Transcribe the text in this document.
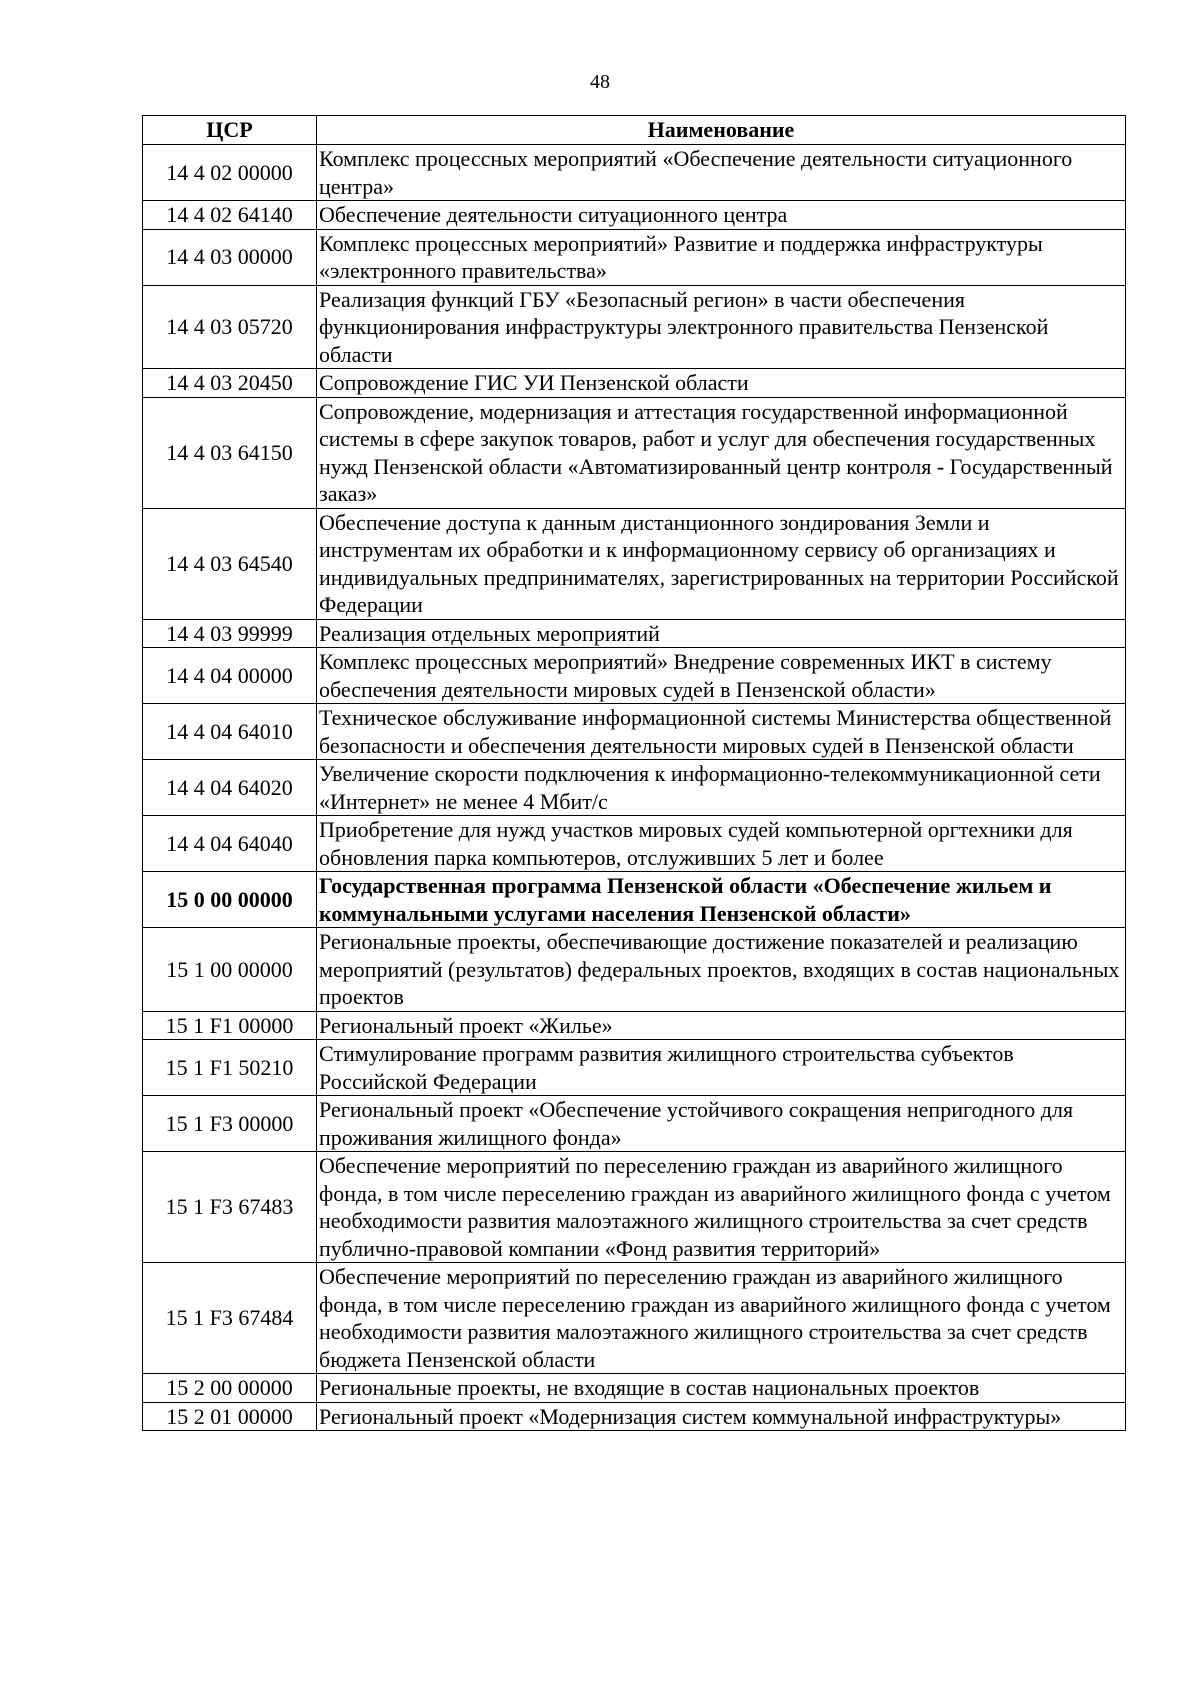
48
ЦСР	Наименование
14 4 02 00000	Комплекс процессных мероприятий «Обеспечение деятельности ситуационного центра»
14 4 02 64140	Обеспечение деятельности ситуационного центра
14 4 03 00000	Комплекс процессных мероприятий» Развитие и поддержка инфраструктуры «электронного правительства»
14 4 03 05720	Реализация функций ГБУ «Безопасный регион» в части обеспечения функционирования инфраструктуры электронного правительства Пензенской области
14 4 03 20450	Сопровождение ГИС УИ Пензенской области
14 4 03 64150	Сопровождение, модернизация и аттестация государственной информационной системы в сфере закупок товаров, работ и услуг для обеспечения государственных нужд Пензенской области «Автоматизированный центр контроля - Государственный заказ»
14 4 03 64540	Обеспечение доступа к данным дистанционного зондирования Земли и инструментам их обработки и к информационному сервису об организациях и индивидуальных предпринимателях, зарегистрированных на территории Российской Федерации
14 4 03 99999	Реализация отдельных мероприятий
14 4 04 00000	Комплекс процессных мероприятий» Внедрение современных ИКТ в систему обеспечения деятельности мировых судей в Пензенской области»
14 4 04 64010	Техническое обслуживание информационной системы Министерства общественной безопасности и обеспечения деятельности мировых судей в Пензенской области
14 4 04 64020	Увеличение скорости подключения к информационно-телекоммуникационной сети «Интернет» не менее 4 Мбит/с
14 4 04 64040	Приобретение для нужд участков мировых судей компьютерной оргтехники для обновления парка компьютеров, отслуживших 5 лет и более
15 0 00 00000	Государственная программа Пензенской области «Обеспечение жильем и коммунальными услугами населения Пензенской области»
15 1 00 00000	Региональные проекты, обеспечивающие достижение показателей и реализацию мероприятий (результатов) федеральных проектов, входящих в состав национальных проектов
15 1 F1 00000	Региональный проект «Жилье»
15 1 F1 50210	Стимулирование программ развития жилищного строительства субъектов Российской Федерации
15 1 F3 00000	Региональный проект «Обеспечение устойчивого сокращения непригодного для проживания жилищного фонда»
15 1 F3 67483	Обеспечение мероприятий по переселению граждан из аварийного жилищного фонда, в том числе переселению граждан из аварийного жилищного фонда с учетом необходимости развития малоэтажного жилищного строительства за счет средств публично-правовой компании «Фонд развития территорий»
15 1 F3 67484	Обеспечение мероприятий по переселению граждан из аварийного жилищного фонда, в том числе переселению граждан из аварийного жилищного фонда с учетом необходимости развития малоэтажного жилищного строительства за счет средств бюджета Пензенской области
15 2 00 00000	Региональные проекты, не входящие в состав национальных проектов
15 2 01 00000	Региональный проект «Модернизация систем коммунальной инфраструктуры»
